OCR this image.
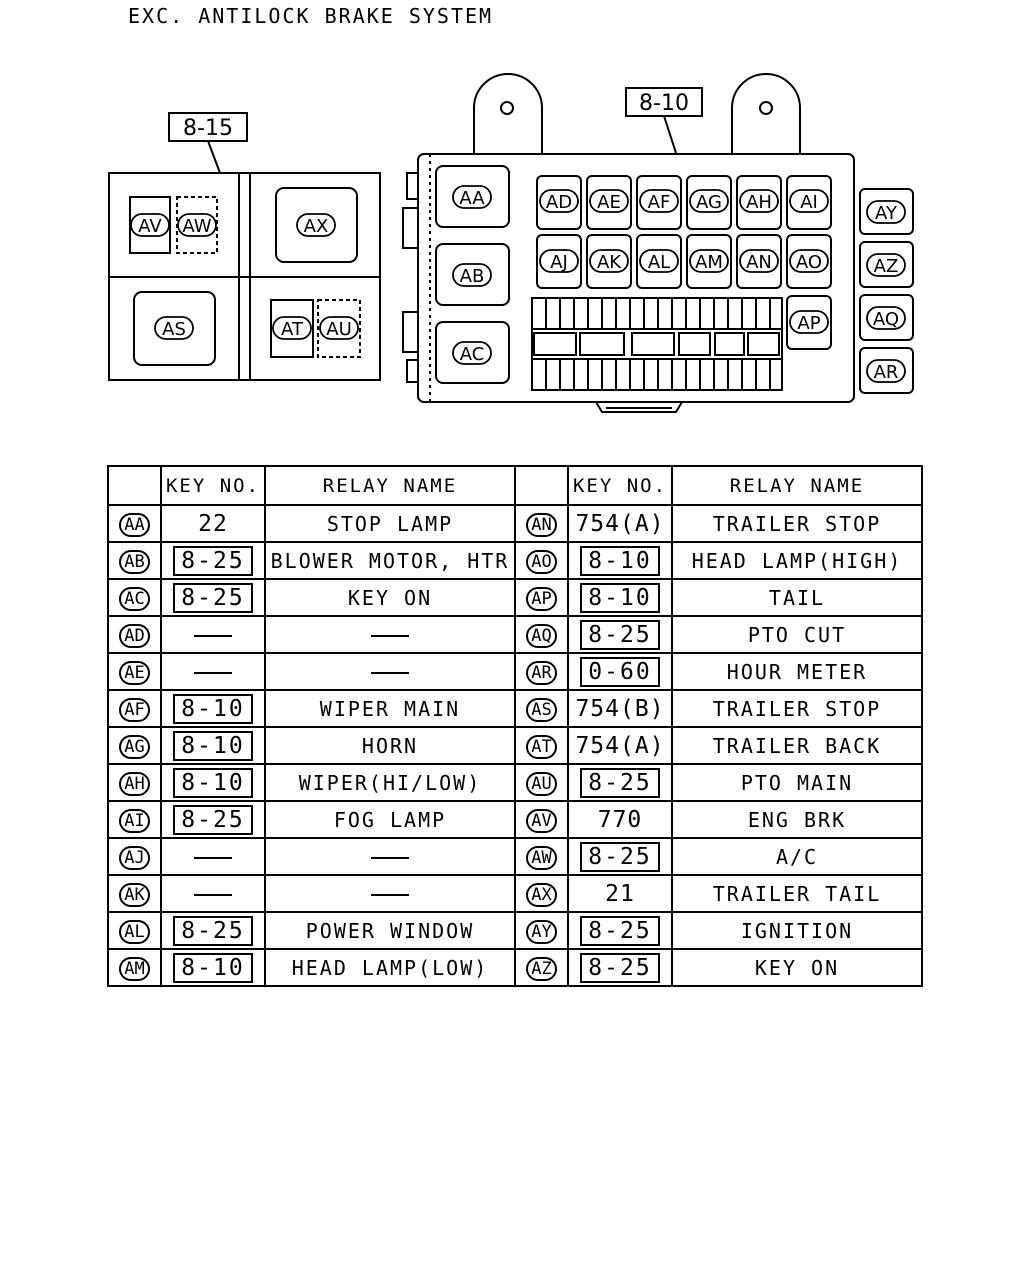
EXC. ANTILOCK BRAKE SYSTEM
8-15
8-10
AV AW	AX
AS	AT AU
AA
AB
AC
AD AE AF AG AH AI
AJ AK AL AM AN AO
AP
AY
AZ
AQ
AR
	KEY NO.	RELAY NAME		KEY NO.	RELAY NAME
AA	22	STOP LAMP	AN	754(A)	TRAILER STOP
AB	8-25	BLOWER MOTOR, HTR	AO	8-10	HEAD LAMP(HIGH)
AC	8-25	KEY ON	AP	8-10	TAIL
AD			AQ	8-25	PTO CUT
AE			AR	0-60	HOUR METER
AF	8-10	WIPER MAIN	AS	754(B)	TRAILER STOP
AG	8-10	HORN	AT	754(A)	TRAILER BACK
AH	8-10	WIPER(HI/LOW)	AU	8-25	PTO MAIN
AI	8-25	FOG LAMP	AV	770	ENG BRK
AJ			AW	8-25	A/C
AK			AX	21	TRAILER TAIL
AL	8-25	POWER WINDOW	AY	8-25	IGNITION
AM	8-10	HEAD LAMP(LOW)	AZ	8-25	KEY ON
